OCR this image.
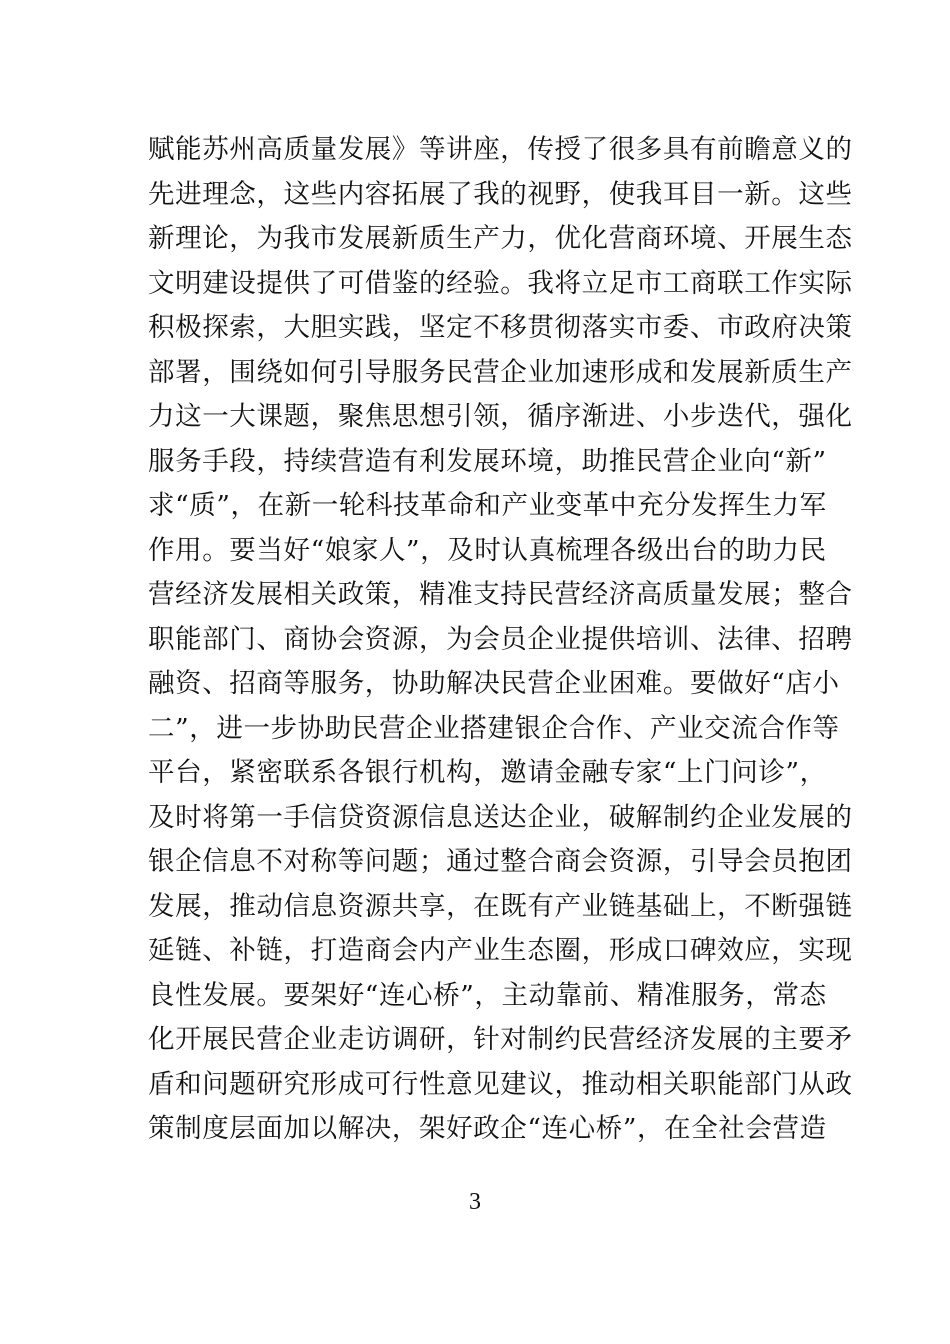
赋能苏州高质量发展》等讲座，传授了很多具有前瞻意义的
先进理念，这些内容拓展了我的视野，使我耳目一新。这些
新理论，为我市发展新质生产力，优化营商环境、开展生态
文明建设提供了可借鉴的经验。我将立足市工商联工作实际
积极探索，大胆实践，坚定不移贯彻落实市委、市政府决策
部署，围绕如何引导服务民营企业加速形成和发展新质生产
力这一大课题，聚焦思想引领，循序渐进、小步迭代，强化
服务手段，持续营造有利发展环境，助推民营企业向“新”
求“质”，在新一轮科技革命和产业变革中充分发挥生力军
作用。要当好“娘家人”，及时认真梳理各级出台的助力民
营经济发展相关政策，精准支持民营经济高质量发展；整合
职能部门、商协会资源，为会员企业提供培训、法律、招聘
融资、招商等服务，协助解决民营企业困难。要做好“店小
二”，进一步协助民营企业搭建银企合作、产业交流合作等
平台，紧密联系各银行机构，邀请金融专家“上门问诊”，
及时将第一手信贷资源信息送达企业，破解制约企业发展的
银企信息不对称等问题；通过整合商会资源，引导会员抱团
发展，推动信息资源共享，在既有产业链基础上，不断强链
延链、补链，打造商会内产业生态圈，形成口碑效应，实现
良性发展。要架好“连心桥”，主动靠前、精准服务，常态
化开展民营企业走访调研，针对制约民营经济发展的主要矛
盾和问题研究形成可行性意见建议，推动相关职能部门从政
策制度层面加以解决，架好政企“连心桥”，在全社会营造
3
